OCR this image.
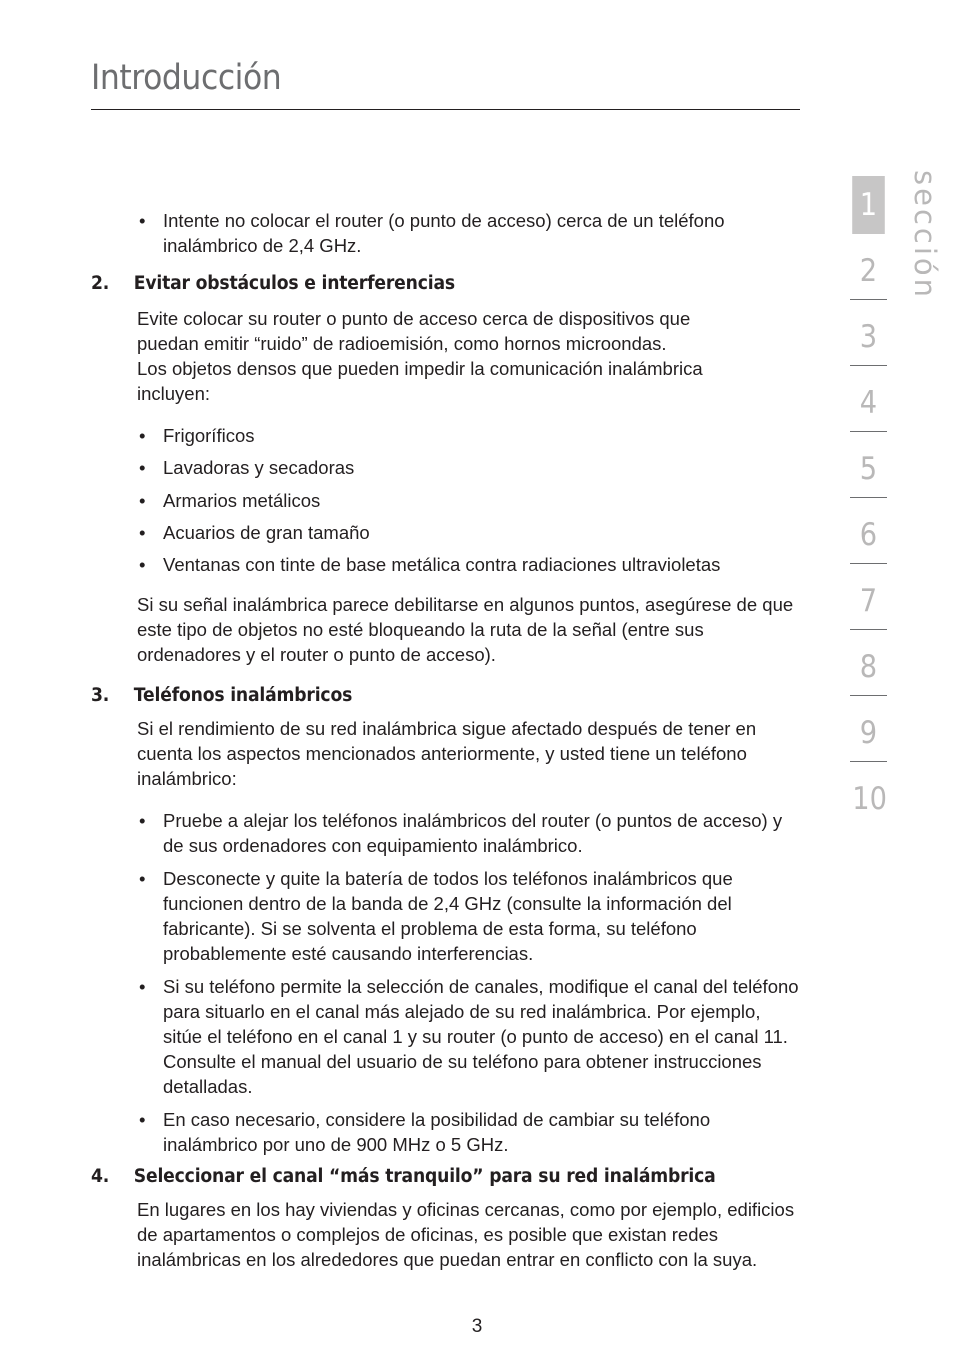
Introducción
sección
1
2
3
4
5
6
7
8
9
10
• Intente no colocar el router (o punto de acceso) cerca de un teléfono inalámbrico de 2,4 GHz.
2. Evitar obstáculos e interferencias
Evite colocar su router o punto de acceso cerca de dispositivos que
puedan emitir “ruido” de radioemisión, como hornos microondas.
Los objetos densos que pueden impedir la comunicación inalámbrica
incluyen:
• Frigoríficos
• Lavadoras y secadoras
• Armarios metálicos
• Acuarios de gran tamaño
• Ventanas con tinte de base metálica contra radiaciones ultravioletas
Si su señal inalámbrica parece debilitarse en algunos puntos, asegúrese de que este tipo de objetos no esté bloqueando la ruta de la señal (entre sus ordenadores y el router o punto de acceso).
3. Teléfonos inalámbricos
Si el rendimiento de su red inalámbrica sigue afectado después de tener en cuenta los aspectos mencionados anteriormente, y usted tiene un teléfono inalámbrico:
• Pruebe a alejar los teléfonos inalámbricos del router (o puntos de acceso) y de sus ordenadores con equipamiento inalámbrico.
• Desconecte y quite la batería de todos los teléfonos inalámbricos que funcionen dentro de la banda de 2,4 GHz (consulte la información del fabricante). Si se solventa el problema de esta forma, su teléfono probablemente esté causando interferencias.
• Si su teléfono permite la selección de canales, modifique el canal del teléfono para situarlo en el canal más alejado de su red inalámbrica. Por ejemplo, sitúe el teléfono en el canal 1 y su router (o punto de acceso) en el canal 11. Consulte el manual del usuario de su teléfono para obtener instrucciones detalladas.
• En caso necesario, considere la posibilidad de cambiar su teléfono inalámbrico por uno de 900 MHz o 5 GHz.
4. Seleccionar el canal “más tranquilo” para su red inalámbrica
En lugares en los hay viviendas y oficinas cercanas, como por ejemplo, edificios de apartamentos o complejos de oficinas, es posible que existan redes inalámbricas en los alrededores que puedan entrar en conflicto con la suya.
3
